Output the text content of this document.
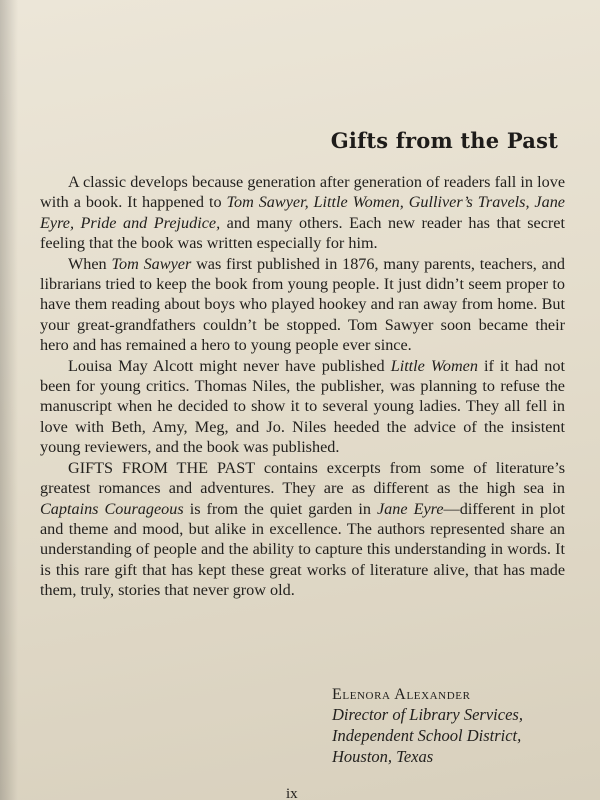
Gifts from the Past

A classic develops because generation after generation of readers fall in love with a book. It happened to Tom Sawyer, Little Women, Gulliver’s Travels, Jane Eyre, Pride and Prejudice, and many others. Each new reader has that secret feeling that the book was written especially for him.

When Tom Sawyer was first published in 1876, many parents, teachers, and librarians tried to keep the book from young people. It just didn’t seem proper to have them reading about boys who played hookey and ran away from home. But your great-grandfathers couldn’t be stopped. Tom Sawyer soon became their hero and has remained a hero to young people ever since.

Louisa May Alcott might never have published Little Women if it had not been for young critics. Thomas Niles, the publisher, was planning to refuse the manuscript when he decided to show it to several young ladies. They all fell in love with Beth, Amy, Meg, and Jo. Niles heeded the advice of the insistent young reviewers, and the book was published.

GIFTS FROM THE PAST contains excerpts from some of literature’s greatest romances and adventures. They are as different as the high sea in Captains Courageous is from the quiet garden in Jane Eyre—different in plot and theme and mood, but alike in excellence. The authors represented share an understanding of people and the ability to capture this understanding in words. It is this rare gift that has kept these great works of literature alive, that has made them, truly, stories that never grow old.

Elenora Alexander
Director of Library Services,
Independent School District,
Houston, Texas
ix
